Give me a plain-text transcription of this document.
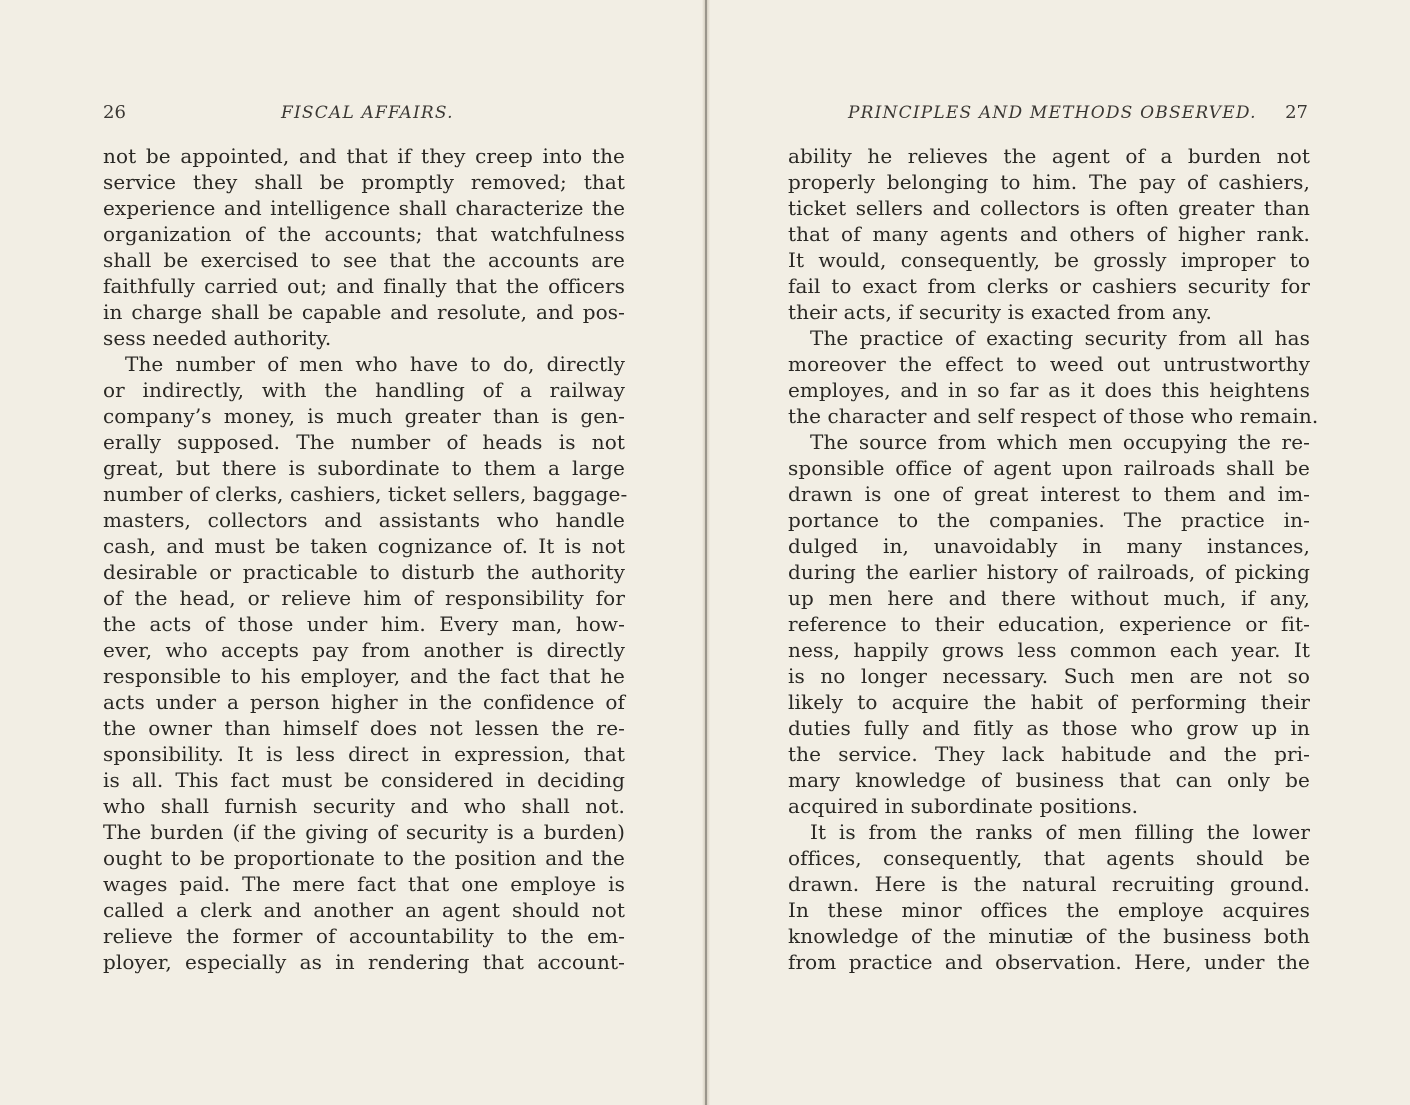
26	FISCAL AFFAIRS.
not be appointed, and that if they creep into the
service they shall be promptly removed; that
experience and intelligence shall characterize the
organization of the accounts; that watchfulness
shall be exercised to see that the accounts are
faithfully carried out; and finally that the officers
in charge shall be capable and resolute, and pos-
sess needed authority.
The number of men who have to do, directly
or indirectly, with the handling of a railway
company’s money, is much greater than is gen-
erally supposed. The number of heads is not
great, but there is subordinate to them a large
number of clerks, cashiers, ticket sellers, baggage-
masters, collectors and assistants who handle
cash, and must be taken cognizance of. It is not
desirable or practicable to disturb the authority
of the head, or relieve him of responsibility for
the acts of those under him. Every man, how-
ever, who accepts pay from another is directly
responsible to his employer, and the fact that he
acts under a person higher in the confidence of
the owner than himself does not lessen the re-
sponsibility. It is less direct in expression, that
is all. This fact must be considered in deciding
who shall furnish security and who shall not.
The burden (if the giving of security is a burden)
ought to be proportionate to the position and the
wages paid. The mere fact that one employe is
called a clerk and another an agent should not
relieve the former of accountability to the em-
ployer, especially as in rendering that account-
PRINCIPLES AND METHODS OBSERVED. 27
ability he relieves the agent of a burden not
properly belonging to him. The pay of cashiers,
ticket sellers and collectors is often greater than
that of many agents and others of higher rank.
It would, consequently, be grossly improper to
fail to exact from clerks or cashiers security for
their acts, if security is exacted from any.
The practice of exacting security from all has
moreover the effect to weed out untrustworthy
employes, and in so far as it does this heightens
the character and self respect of those who remain.
The source from which men occupying the re-
sponsible office of agent upon railroads shall be
drawn is one of great interest to them and im-
portance to the companies. The practice in-
dulged in, unavoidably in many instances,
during the earlier history of railroads, of picking
up men here and there without much, if any,
reference to their education, experience or fit-
ness, happily grows less common each year. It
is no longer necessary. Such men are not so
likely to acquire the habit of performing their
duties fully and fitly as those who grow up in
the service. They lack habitude and the pri-
mary knowledge of business that can only be
acquired in subordinate positions.
It is from the ranks of men filling the lower
offices, consequently, that agents should be
drawn. Here is the natural recruiting ground.
In these minor offices the employe acquires
knowledge of the minutiæ of the business both
from practice and observation. Here, under the
